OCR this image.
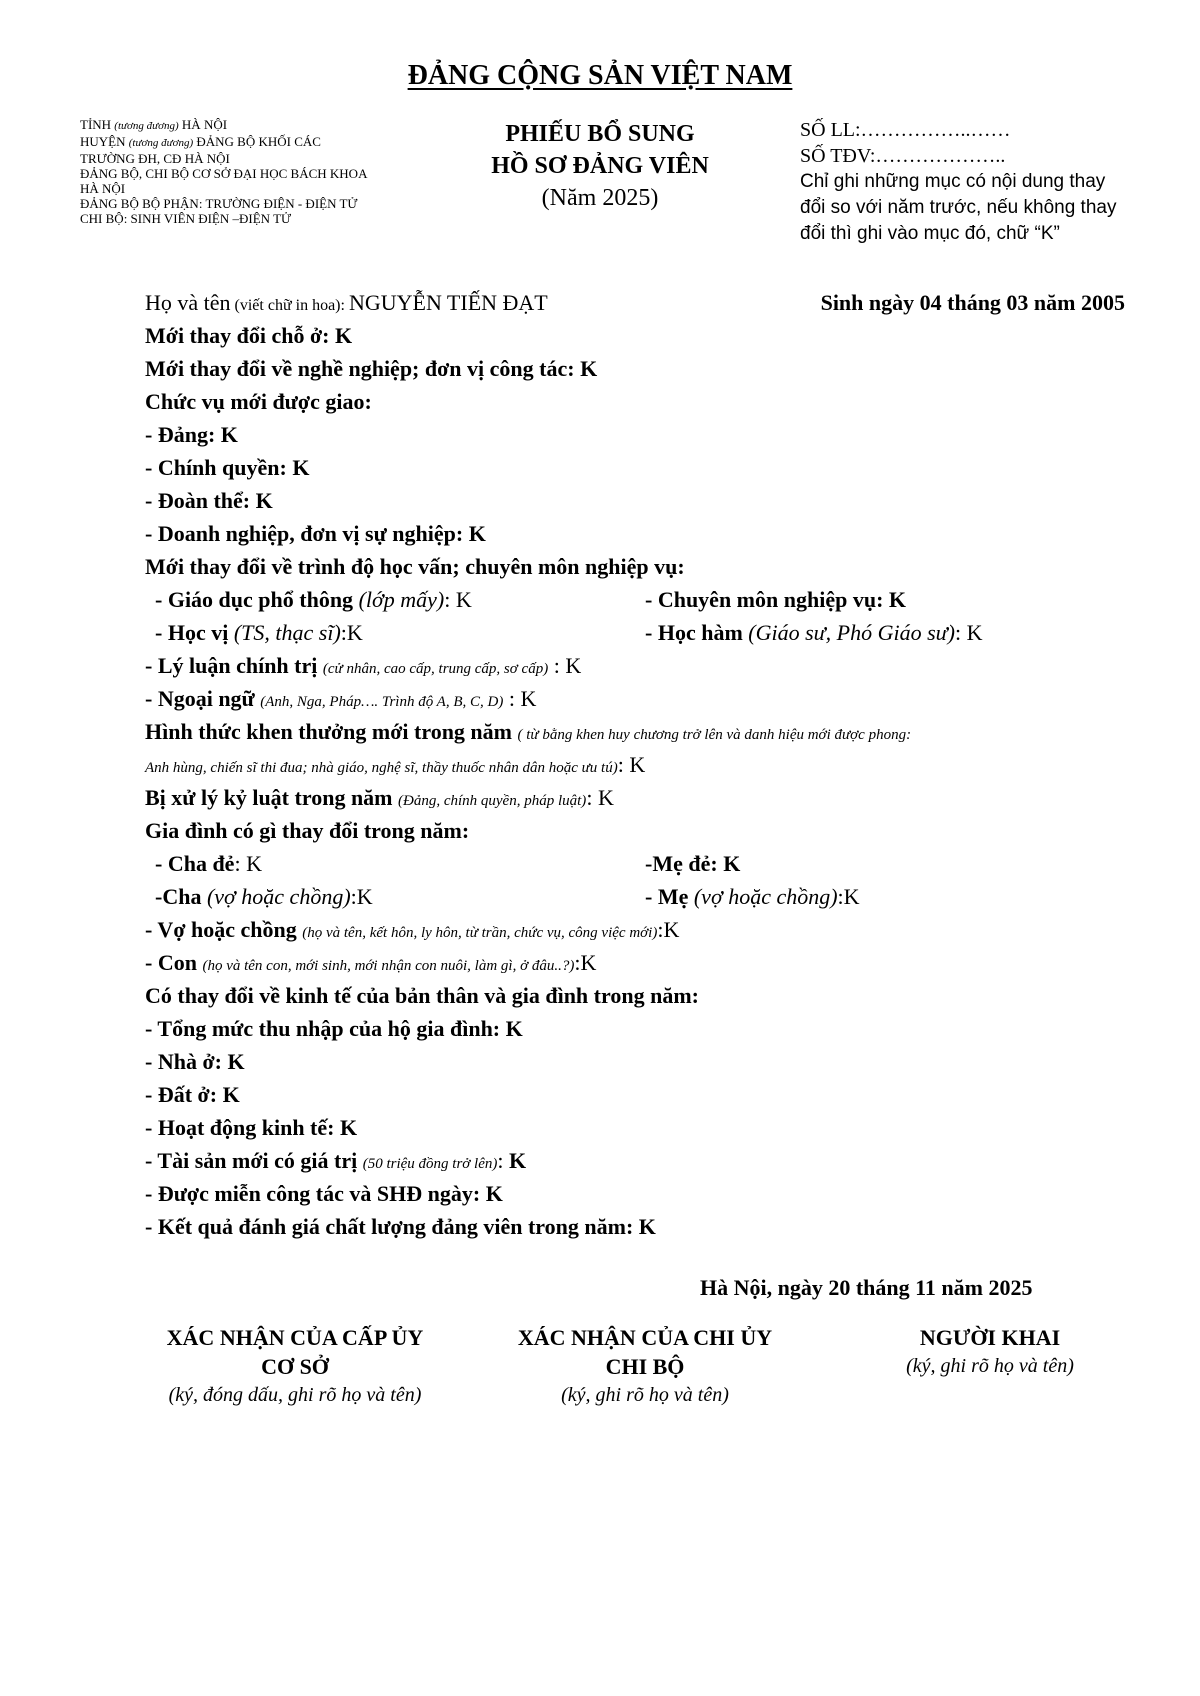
ĐẢNG CỘNG SẢN VIỆT NAM
TỈNH (tương đương) HÀ NỘI
HUYỆN (tương đương) ĐẢNG BỘ KHỐI CÁC
TRƯỜNG ĐH, CĐ HÀ NỘI
ĐẢNG BỘ, CHI BỘ CƠ SỞ ĐẠI HỌC BÁCH KHOA
HÀ NỘI
ĐẢNG BỘ BỘ PHẬN: TRƯỜNG ĐIỆN - ĐIỆN TỬ
CHI BỘ: SINH VIÊN ĐIỆN –ĐIỆN TỬ
PHIẾU BỔ SUNG
HỒ SƠ ĐẢNG VIÊN
(Năm 2025)
SỐ LL:……………..……
SỐ TĐV:………………..
Chỉ ghi những mục có nội dung thay đổi so với năm trước, nếu không thay đổi thì ghi vào mục đó, chữ “K”
Họ và tên (viết chữ in hoa): NGUYỄN TIẾN ĐẠT	Sinh ngày 04 tháng 03 năm 2005
Mới thay đổi chỗ ở: K
Mới thay đổi về nghề nghiệp; đơn vị công tác: K
Chức vụ mới được giao:
- Đảng: K
- Chính quyền: K
- Đoàn thể: K
- Doanh nghiệp, đơn vị sự nghiệp: K
Mới thay đổi về trình độ học vấn; chuyên môn nghiệp vụ:
- Giáo dục phổ thông (lớp mấy): K	- Chuyên môn nghiệp vụ: K
- Học vị (TS, thạc sĩ):K	- Học hàm (Giáo sư, Phó Giáo sư): K
- Lý luận chính trị (cử nhân, cao cấp, trung cấp, sơ cấp) : K
- Ngoại ngữ (Anh, Nga, Pháp…. Trình độ A, B, C, D) : K
Hình thức khen thưởng mới trong năm ( từ bằng khen huy chương trở lên và danh hiệu mới được phong:
Anh hùng, chiến sĩ thi đua; nhà giáo, nghệ sĩ, thầy thuốc nhân dân hoặc ưu tú): K
Bị xử lý kỷ luật trong năm (Đảng, chính quyền, pháp luật): K
Gia đình có gì thay đổi trong năm:
- Cha đẻ: K	-Mẹ đẻ: K
-Cha (vợ hoặc chồng):K	- Mẹ (vợ hoặc chồng):K
- Vợ hoặc chồng (họ và tên, kết hôn, ly hôn, từ trần, chức vụ, công việc mới):K
- Con (họ và tên con, mới sinh, mới nhận con nuôi, làm gì, ở đâu..?):K
Có thay đổi về kinh tế của bản thân và gia đình trong năm:
- Tổng mức thu nhập của hộ gia đình: K
- Nhà ở: K
- Đất ở: K
- Hoạt động kinh tế: K
- Tài sản mới có giá trị (50 triệu đồng trở lên): K
- Được miễn công tác và SHĐ ngày: K
- Kết quả đánh giá chất lượng đảng viên trong năm: K
Hà Nội, ngày 20 tháng 11 năm 2025
XÁC NHẬN CỦA CẤP ỦY
CƠ SỞ
(ký, đóng dấu, ghi rõ họ và tên)
XÁC NHẬN CỦA CHI ỦY
CHI BỘ
(ký, ghi rõ họ và tên)
NGƯỜI KHAI
(ký, ghi rõ họ và tên)
